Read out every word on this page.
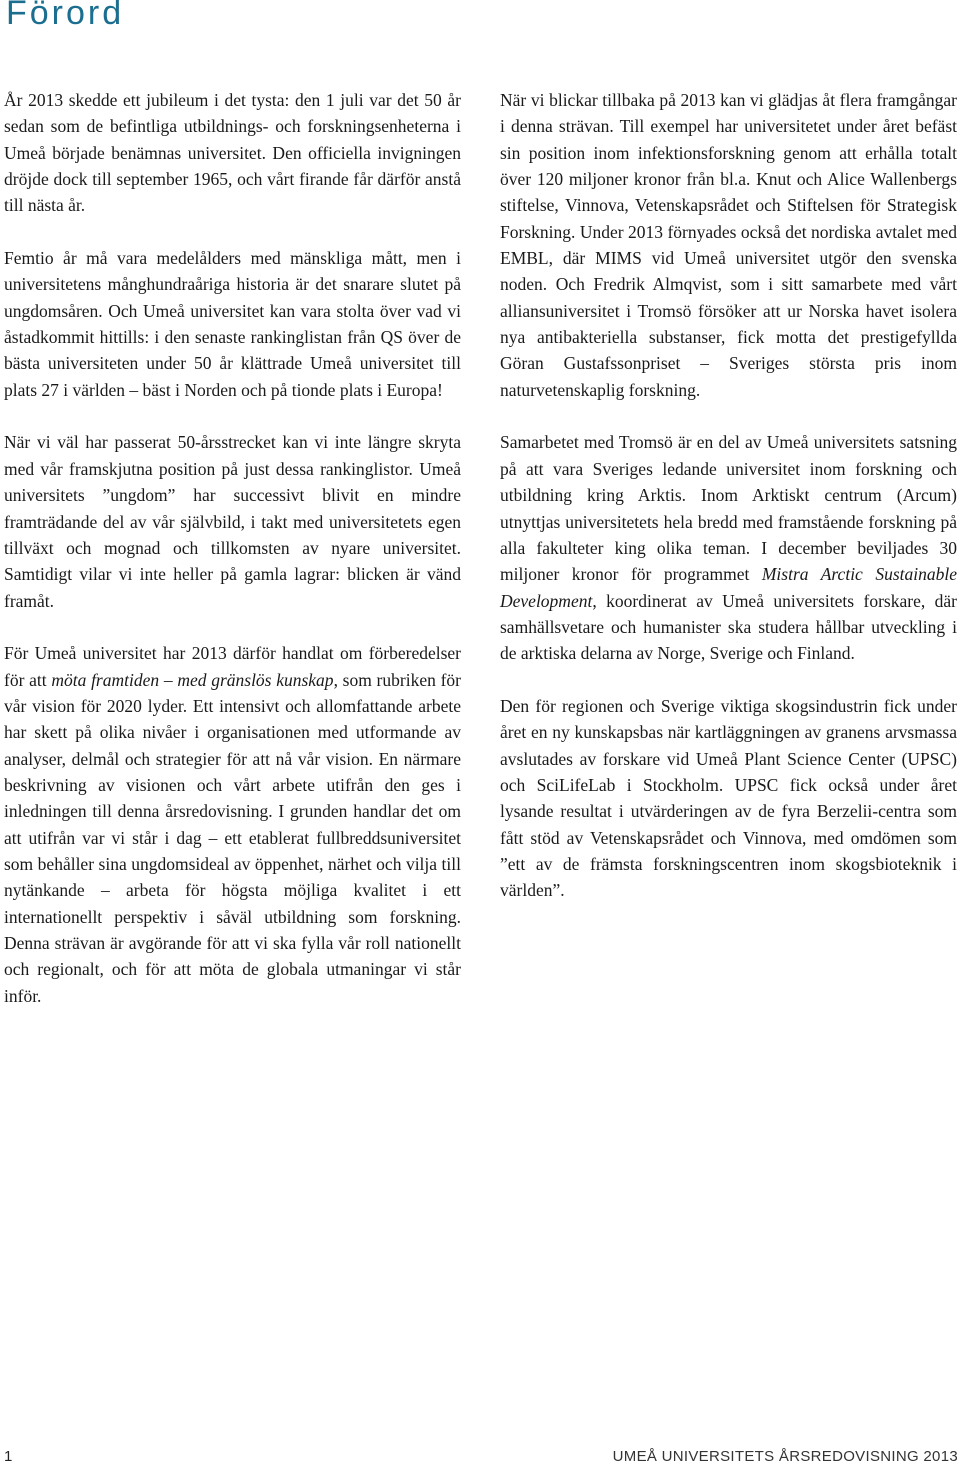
Förord

År 2013 skedde ett jubileum i det tysta: den 1 juli var det 50 år sedan som de befintliga utbildnings- och forskningsenheterna i Umeå började benämnas universitet. Den officiella invigningen dröjde dock till september 1965, och vårt firande får därför anstå till nästa år.

Femtio år må vara medelålders med mänskliga mått, men i universitetens månghundraåriga historia är det snarare slutet på ungdomsåren. Och Umeå universitet kan vara stolta över vad vi åstadkommit hittills: i den senaste rankinglistan från QS över de bästa universiteten under 50 år klättrade Umeå universitet till plats 27 i världen – bäst i Norden och på tionde plats i Europa!

När vi väl har passerat 50-årsstrecket kan vi inte längre skryta med vår framskjutna position på just dessa rankinglistor. Umeå universitets ”ungdom” har successivt blivit en mindre framträdande del av vår självbild, i takt med universitetets egen tillväxt och mognad och tillkomsten av nyare universitet. Samtidigt vilar vi inte heller på gamla lagrar: blicken är vänd framåt.

För Umeå universitet har 2013 därför handlat om förberedelser för att möta framtiden – med gränslös kunskap, som rubriken för vår vision för 2020 lyder. Ett intensivt och allomfattande arbete har skett på olika nivåer i organisationen med utformande av analyser, delmål och strategier för att nå vår vision. En närmare beskrivning av visionen och vårt arbete utifrån den ges i inledningen till denna årsredovisning. I grunden handlar det om att utifrån var vi står i dag – ett etablerat fullbreddsuniversitet som behåller sina ungdomsideal av öppenhet, närhet och vilja till nytänkande – arbeta för högsta möjliga kvalitet i ett internationellt perspektiv i såväl utbildning som forskning. Denna strävan är avgörande för att vi ska fylla vår roll nationellt och regionalt, och för att möta de globala utmaningar vi står inför.

När vi blickar tillbaka på 2013 kan vi glädjas åt flera framgångar i denna strävan. Till exempel har universitetet under året befäst sin position inom infektionsforskning genom att erhålla totalt över 120 miljoner kronor från bl.a. Knut och Alice Wallenbergs stiftelse, Vinnova, Vetenskapsrådet och Stiftelsen för Strategisk Forskning. Under 2013 förnyades också det nordiska avtalet med EMBL, där MIMS vid Umeå universitet utgör den svenska noden. Och Fredrik Almqvist, som i sitt samarbete med vårt alliansuniversitet i Tromsö försöker att ur Norska havet isolera nya antibakteriella substanser, fick motta det prestigefyllda Göran Gustafssonpriset – Sveriges största pris inom naturvetenskaplig forskning.

Samarbetet med Tromsö är en del av Umeå universitets satsning på att vara Sveriges ledande universitet inom forskning och utbildning kring Arktis. Inom Arktiskt centrum (Arcum) utnyttjas universitetets hela bredd med framstående forskning på alla fakulteter king olika teman. I december beviljades 30 miljoner kronor för programmet Mistra Arctic Sustainable Development, koordinerat av Umeå universitets forskare, där samhällsvetare och humanister ska studera hållbar utveckling i de arktiska delarna av Norge, Sverige och Finland.

Den för regionen och Sverige viktiga skogsindustrin fick under året en ny kunskapsbas när kartläggningen av granens arvsmassa avslutades av forskare vid Umeå Plant Science Center (UPSC) och SciLifeLab i Stockholm. UPSC fick också under året lysande resultat i utvärderingen av de fyra Berzelii-centra som fått stöd av Vetenskapsrådet och Vinnova, med omdömen som ”ett av de främsta forskningscentren inom skogsbioteknik i världen”.

1	UMEÅ UNIVERSITETS ÅRSREDOVISNING 2013
